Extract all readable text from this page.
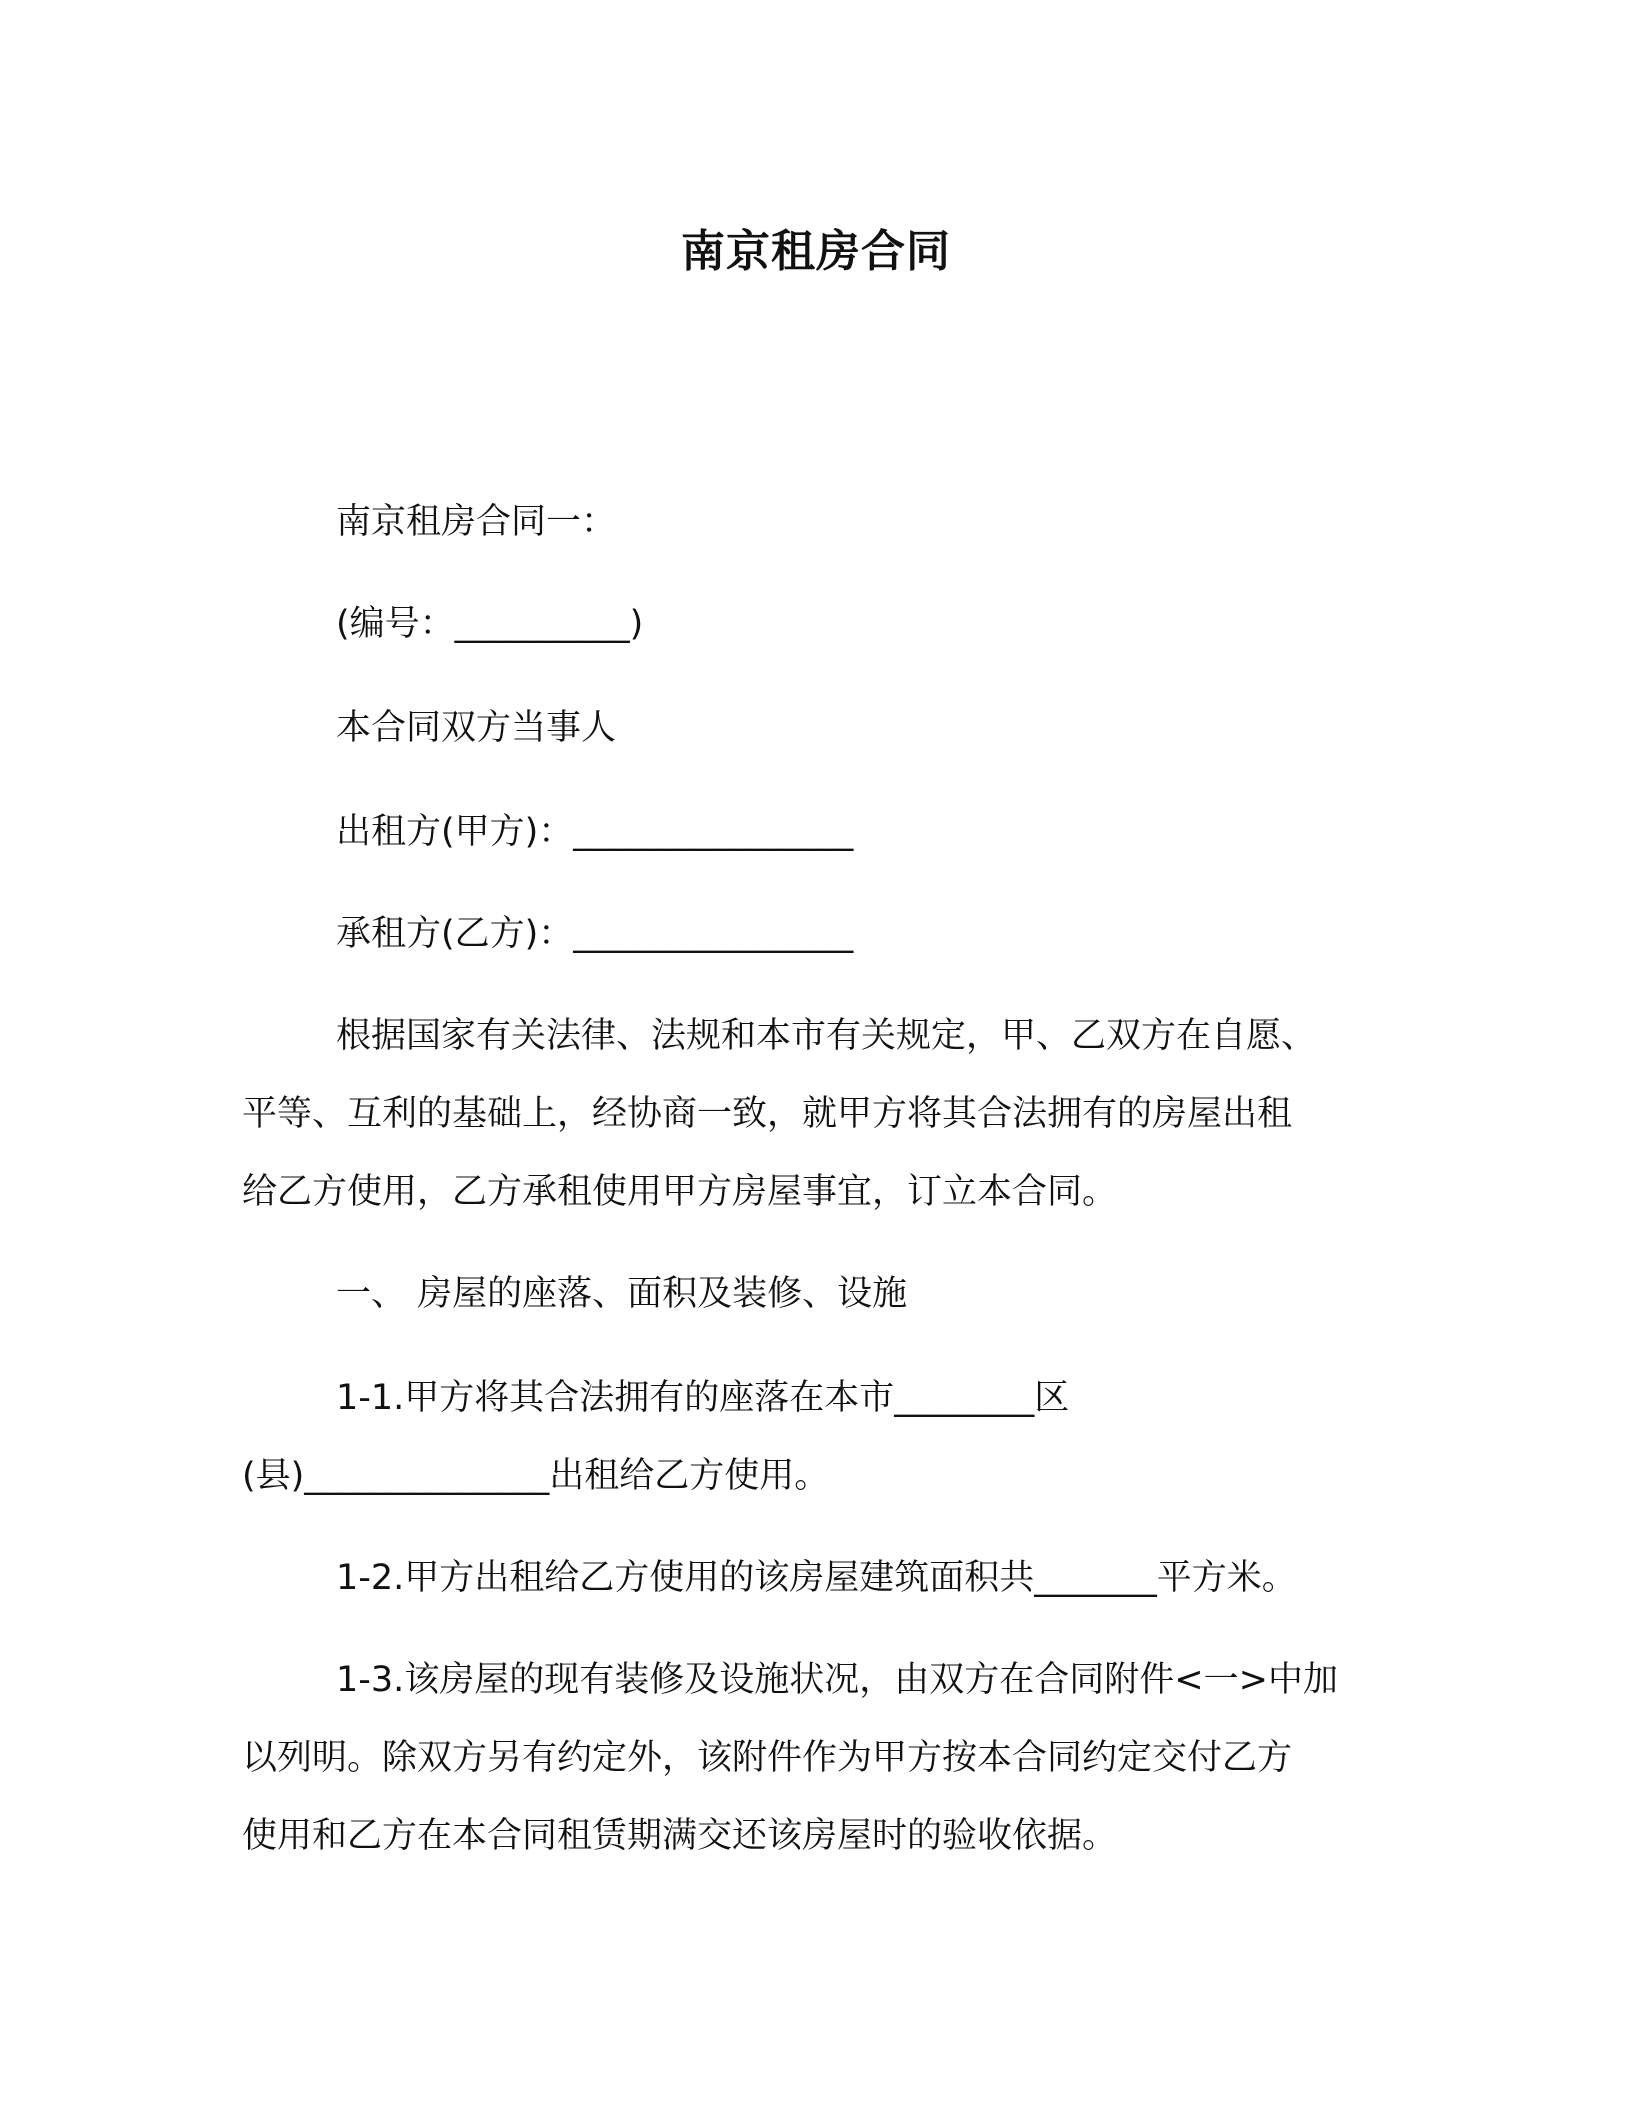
南京租房合同
南京租房合同一：
(编号：__________)
本合同双方当事人
出租方(甲方)：________________
承租方(乙方)：________________
根据国家有关法律、法规和本市有关规定，甲、乙双方在自愿、
平等、互利的基础上，经协商一致，就甲方将其合法拥有的房屋出租
给乙方使用，乙方承租使用甲方房屋事宜，订立本合同。
一、 房屋的座落、面积及装修、设施
1-1.甲方将其合法拥有的座落在本市________区
(县)______________出租给乙方使用。
1-2.甲方出租给乙方使用的该房屋建筑面积共_______平方米。
1-3.该房屋的现有装修及设施状况，由双方在合同附件<一>中加
以列明。除双方另有约定外，该附件作为甲方按本合同约定交付乙方
使用和乙方在本合同租赁期满交还该房屋时的验收依据。
